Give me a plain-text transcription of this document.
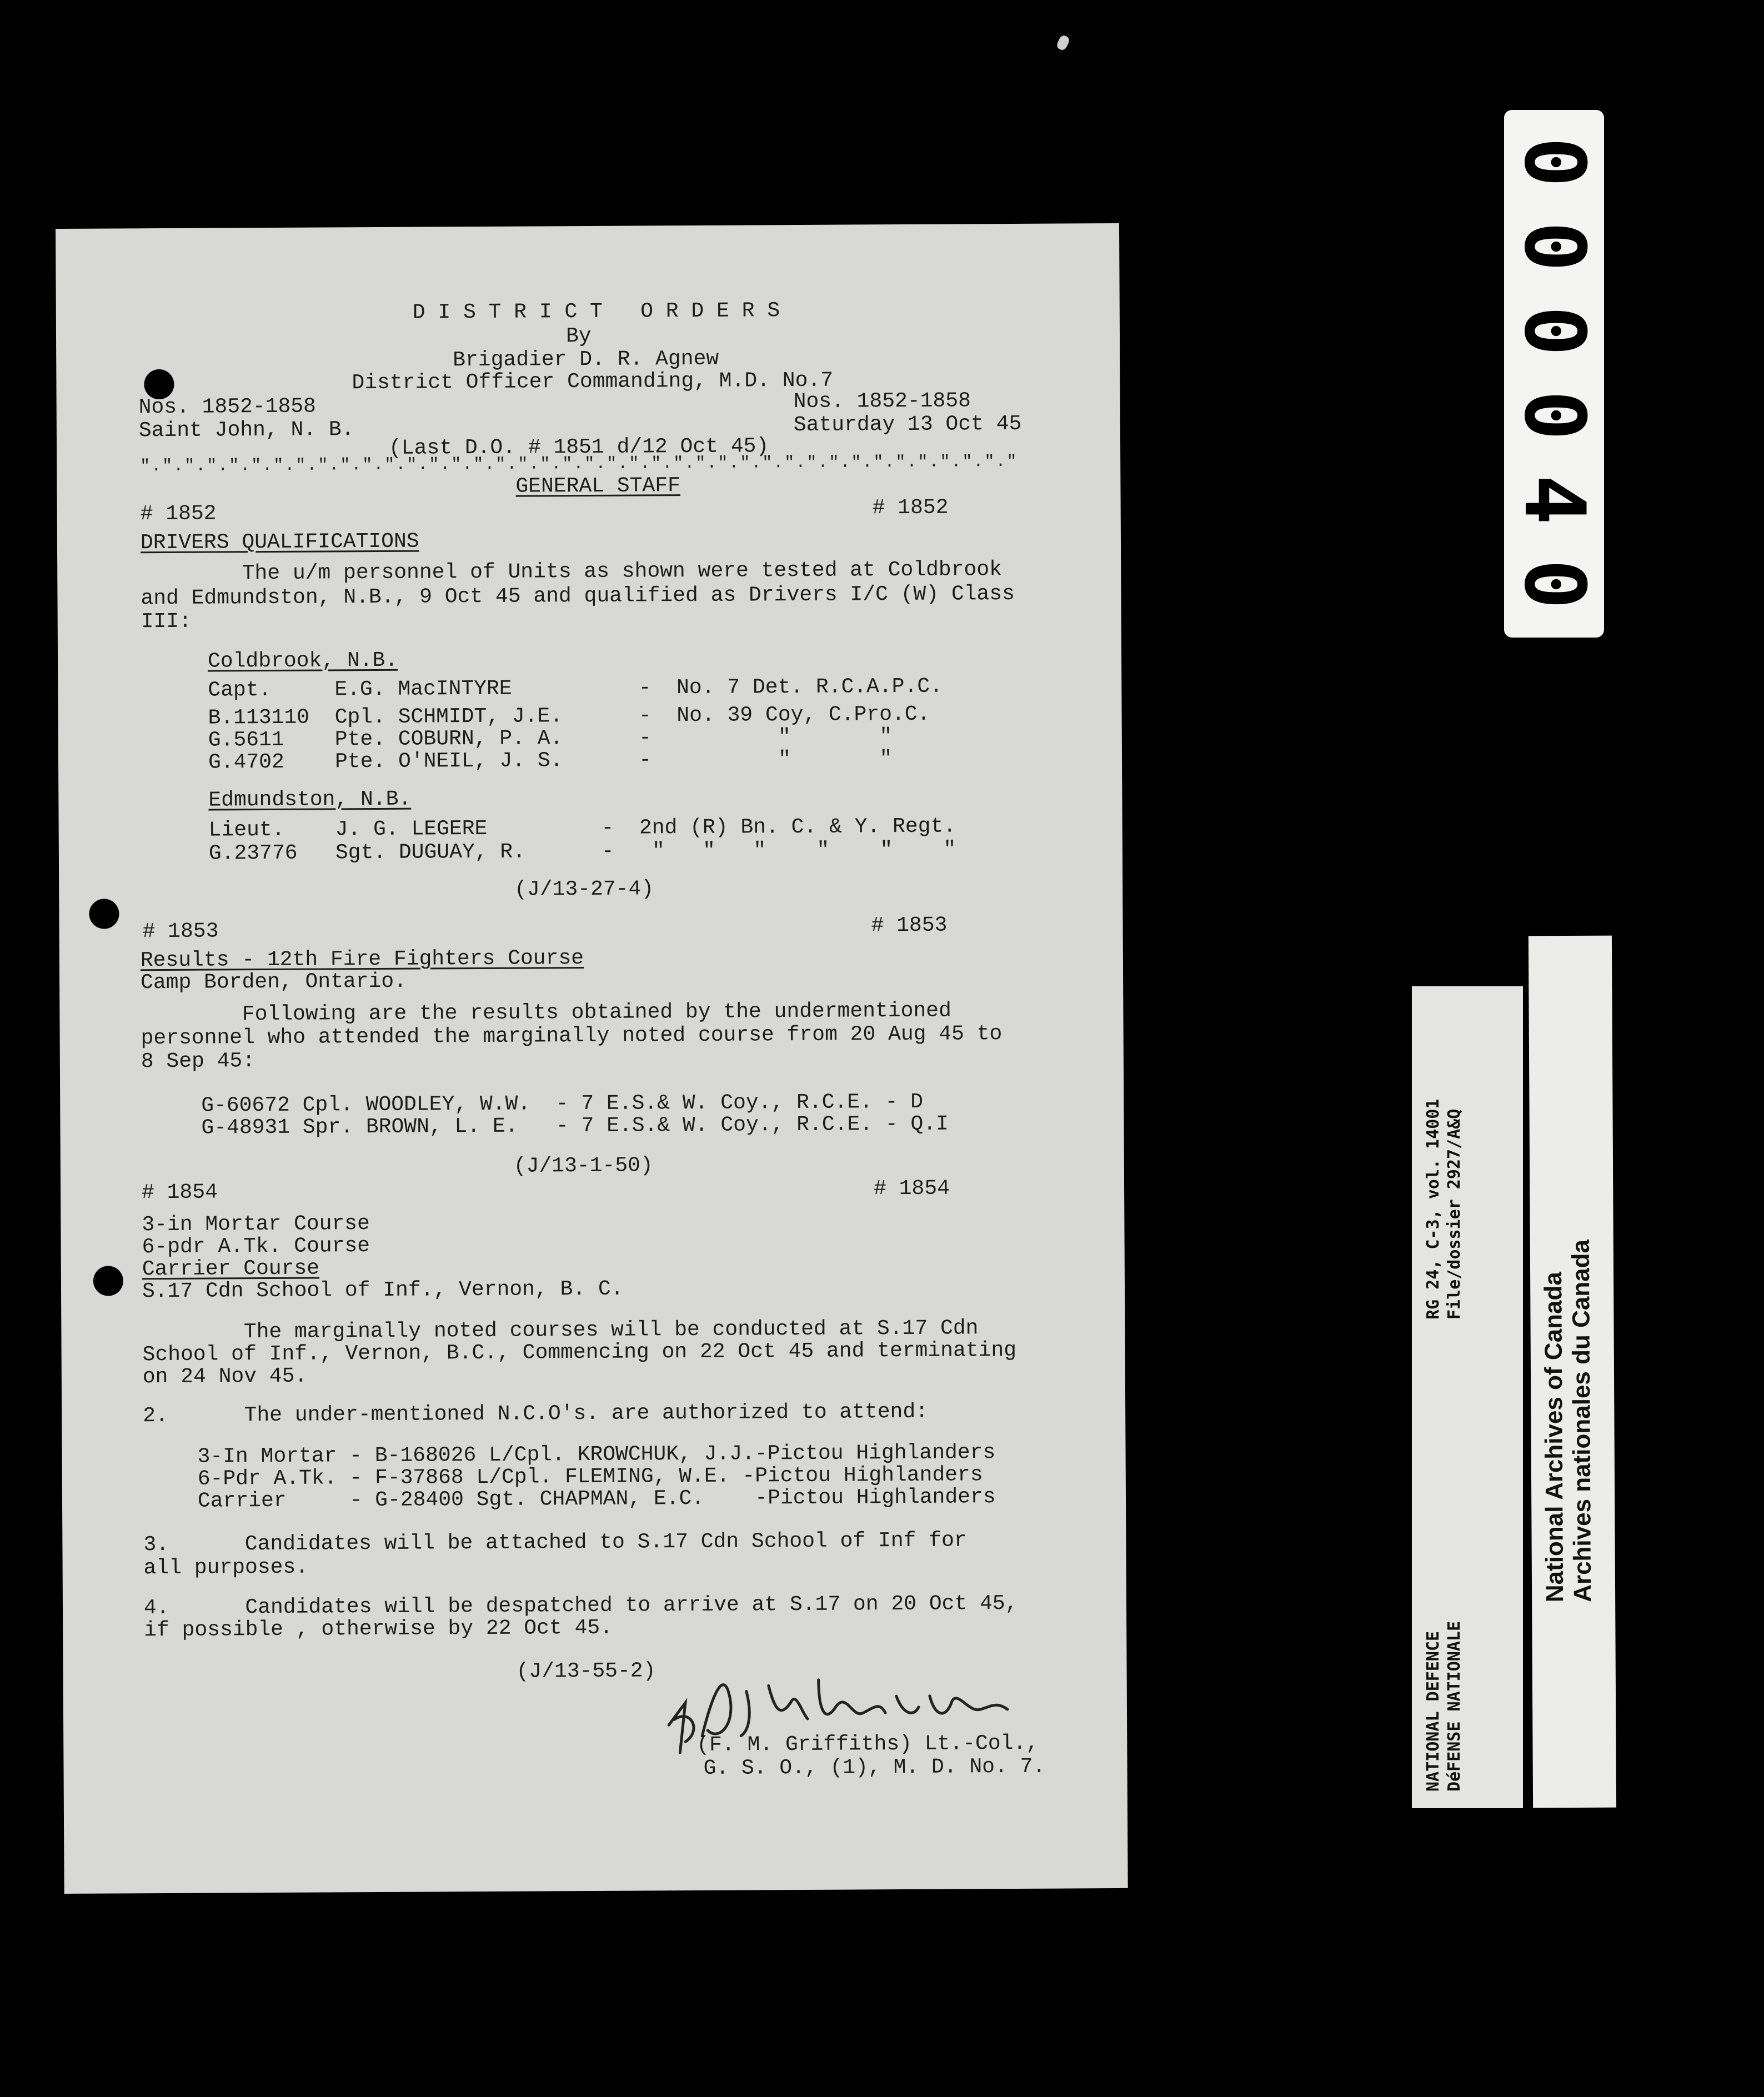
D I S T R I C T   O R D E R S
By
Brigadier D. R. Agnew
District Officer Commanding, M.D. No.7
Nos. 1852-1858	Nos. 1852-1858
Saint John, N. B.	Saturday 13 Oct 45
(Last D.O. # 1851 d/12 Oct 45)
"."."."."."."."."."."."."."."."."."."."."."."."."."."."."."."."."."."."."."."."
GENERAL STAFF
# 1852	# 1852
DRIVERS QUALIFICATIONS
The u/m personnel of Units as shown were tested at Coldbrook
and Edmundston, N.B., 9 Oct 45 and qualified as Drivers I/C (W) Class
III:
Coldbrook, N.B.
Capt.     E.G. MacINTYRE          -  No. 7 Det. R.C.A.P.C.
B.113110  Cpl. SCHMIDT, J.E.      -  No. 39 Coy, C.Pro.C.
G.5611    Pte. COBURN, P. A.      -          "       "
G.4702    Pte. O'NEIL, J. S.      -          "       "
Edmundston, N.B.
Lieut.    J. G. LEGERE         -  2nd (R) Bn. C. & Y. Regt.
G.23776   Sgt. DUGUAY, R.      -   "   "   "    "    "    "
(J/13-27-4)
# 1853	# 1853
Results - 12th Fire Fighters Course
Camp Borden, Ontario.
Following are the results obtained by the undermentioned
personnel who attended the marginally noted course from 20 Aug 45 to
8 Sep 45:
G-60672 Cpl. WOODLEY, W.W.  - 7 E.S.& W. Coy., R.C.E. - D
G-48931 Spr. BROWN, L. E.   - 7 E.S.& W. Coy., R.C.E. - Q.I
(J/13-1-50)
# 1854	# 1854
3-in Mortar Course
6-pdr A.Tk. Course
Carrier Course
S.17 Cdn School of Inf., Vernon, B. C.
The marginally noted courses will be conducted at S.17 Cdn
School of Inf., Vernon, B.C., Commencing on 22 Oct 45 and terminating
on 24 Nov 45.
2.      The under-mentioned N.C.O's. are authorized to attend:
3-In Mortar - B-168026 L/Cpl. KROWCHUK, J.J.-Pictou Highlanders
6-Pdr A.Tk. - F-37868 L/Cpl. FLEMING, W.E. -Pictou Highlanders
Carrier     - G-28400 Sgt. CHAPMAN, E.C.    -Pictou Highlanders
3.      Candidates will be attached to S.17 Cdn School of Inf for
all purposes.
4.      Candidates will be despatched to arrive at S.17 on 20 Oct 45,
if possible , otherwise by 22 Oct 45.
(J/13-55-2)
(F. M. Griffiths) Lt.-Col.,
G. S. O., (1), M. D. No. 7.
0
0
0
0
4
0
RG 24, C-3, vol. 14001 File/dossier 2927/A&Q
NATIONAL DEFENCE DéFENSE NATIONALE
National Archives of Canada
Archives nationales du Canada
